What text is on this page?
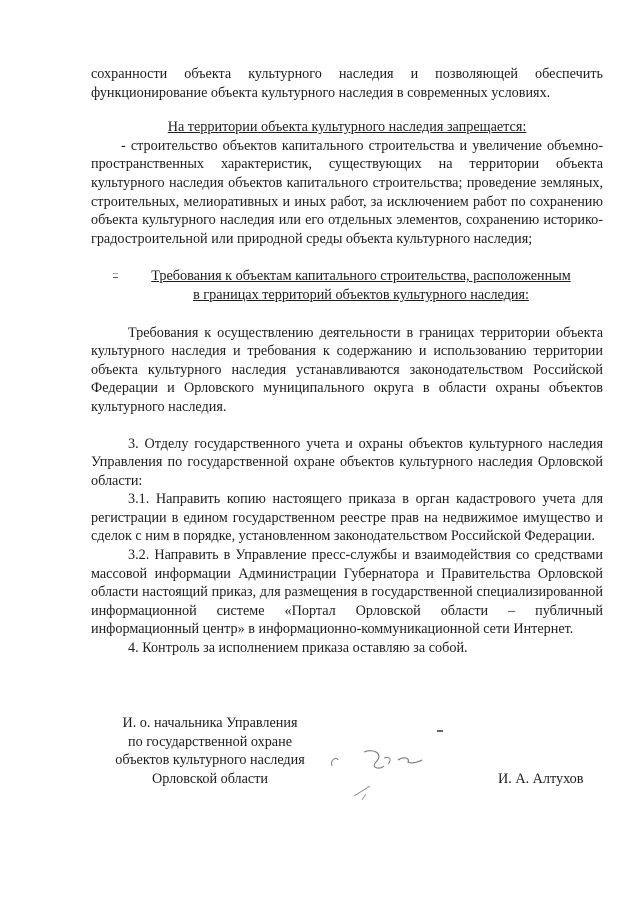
сохранности объекта культурного наследия и позволяющей обеспечить функционирование объекта культурного наследия в современных условиях.

На территории объекта культурного наследия запрещается:

- строительство объектов капитального строительства и увеличение объемно-пространственных характеристик, существующих на территории объекта культурного наследия объектов капитального строительства; проведение земляных, строительных, мелиоративных и иных работ, за исключением работ по сохранению объекта культурного наследия или его отдельных элементов, сохранению историко-градостроительной или природной среды объекта культурного наследия;

– Требования к объектам капитального строительства, расположенным
в границах территорий объектов культурного наследия:

Требования к осуществлению деятельности в границах территории объекта культурного наследия и требования к содержанию и использованию территории объекта культурного наследия устанавливаются законодательством Российской Федерации и Орловского муниципального округа в области охраны объектов культурного наследия.

3. Отделу государственного учета и охраны объектов культурного наследия Управления по государственной охране объектов культурного наследия Орловской области:

3.1. Направить копию настоящего приказа в орган кадастрового учета для регистрации в едином государственном реестре прав на недвижимое имущество и сделок с ним в порядке, установленном законодательством Российской Федерации.

3.2. Направить в Управление пресс-службы и взаимодействия со средствами массовой информации Администрации Губернатора и Правительства Орловской области настоящий приказ, для размещения в государственной специализированной информационной системе «Портал Орловской области – публичный информационный центр» в информационно-коммуникационной сети Интернет.

4. Контроль за исполнением приказа оставляю за собой.

И. о. начальника Управления
по государственной охране
объектов культурного наследия
Орловской области	И. А. Алтухов
